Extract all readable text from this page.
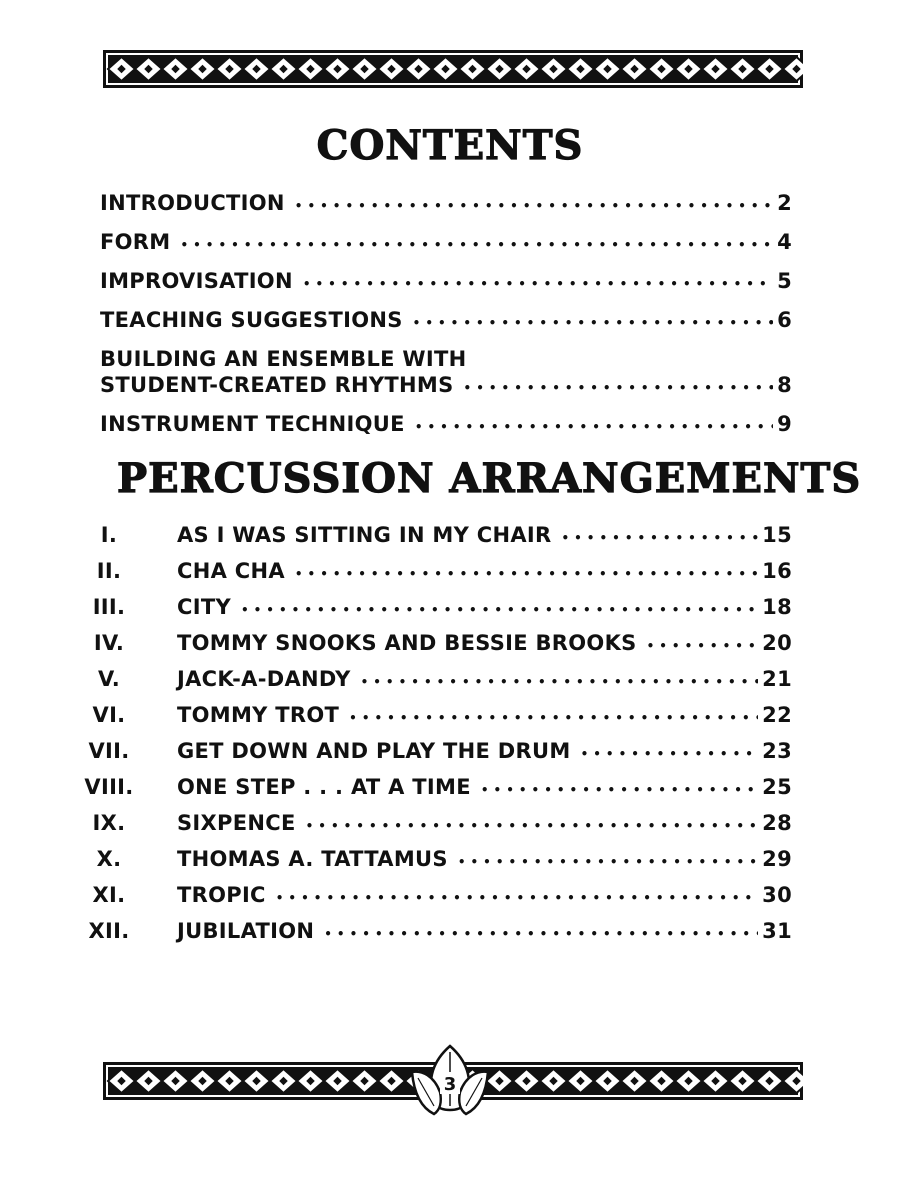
CONTENTS
INTRODUCTION •••••	2
FORM •••••	4
IMPROVISATION •••••	5
TEACHING SUGGESTIONS •••••	6
BUILDING AN ENSEMBLE WITH
STUDENT-CREATED RHYTHMS •••••	8
INSTRUMENT TECHNIQUE •••••	9
PERCUSSION ARRANGEMENTS
I.	AS I WAS SITTING IN MY CHAIR •••••	15
II.	CHA CHA •••••	16
III.	CITY •••••	18
IV.	TOMMY SNOOKS AND BESSIE BROOKS •••••	20
V.	JACK-A-DANDY •••••	21
VI.	TOMMY TROT •••••	22
VII.	GET DOWN AND PLAY THE DRUM •••••	23
VIII.	ONE STEP . . . AT A TIME •••••	25
IX.	SIXPENCE •••••	28
X.	THOMAS A. TATTAMUS •••••	29
XI.	TROPIC •••••	30
XII.	JUBILATION •••••	31
3
